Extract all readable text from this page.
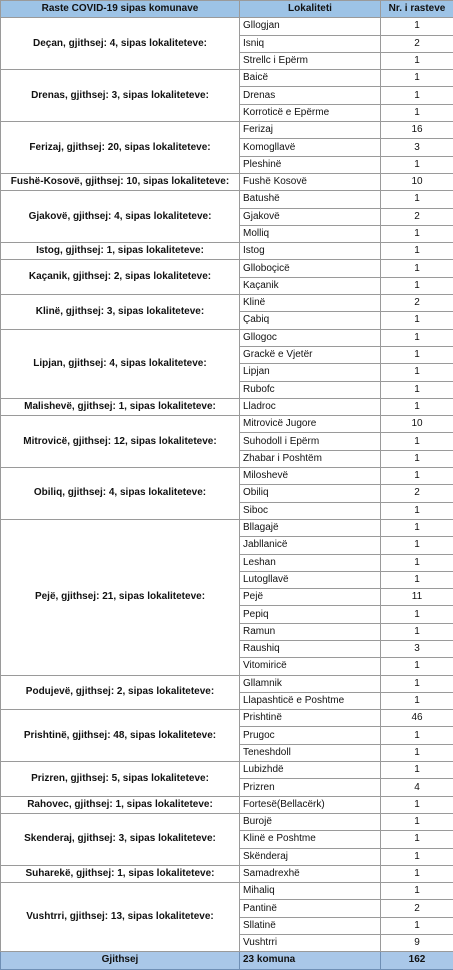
Raste COVID-19 sipas komunave	Lokaliteti	Nr. i rasteve
Deçan, gjithsej: 4, sipas lokaliteteve:	Gllogjan	1
	Isniq	2
	Strellc i Epërm	1
Drenas, gjithsej: 3, sipas lokaliteteve:	Baicë	1
	Drenas	1
	Korroticë e Epërme	1
Ferizaj, gjithsej: 20, sipas lokaliteteve:	Ferizaj	16
	Komogllavë	3
	Pleshinë	1
Fushë-Kosovë, gjithsej: 10, sipas lokaliteteve:	Fushë Kosovë	10
Gjakovë, gjithsej: 4, sipas lokaliteteve:	Batushë	1
	Gjakovë	2
	Molliq	1
Istog, gjithsej: 1, sipas lokaliteteve:	Istog	1
Kaçanik, gjithsej: 2, sipas lokaliteteve:	Glloboçicë	1
	Kaçanik	1
Klinë, gjithsej: 3, sipas lokaliteteve:	Klinë	2
	Çabiq	1
Lipjan, gjithsej: 4, sipas lokaliteteve:	Gllogoc	1
	Grackë e Vjetër	1
	Lipjan	1
	Rubofc	1
Malishevë, gjithsej: 1, sipas lokaliteteve:	Lladroc	1
Mitrovicë, gjithsej: 12, sipas lokaliteteve:	Mitrovicë Jugore	10
	Suhodoll i Epërm	1
	Zhabar i Poshtëm	1
Obiliq, gjithsej: 4, sipas lokaliteteve:	Miloshevë	1
	Obiliq	2
	Siboc	1
Pejë, gjithsej: 21, sipas lokaliteteve:	Bllagajë	1
	Jabllanicë	1
	Leshan	1
	Lutogllavë	1
	Pejë	11
	Pepiq	1
	Ramun	1
	Raushiq	3
	Vitomiricë	1
Podujevë, gjithsej: 2, sipas lokaliteteve:	Gllamnik	1
	Llapashticë e Poshtme	1
Prishtinë, gjithsej: 48, sipas lokaliteteve:	Prishtinë	46
	Prugoc	1
	Teneshdoll	1
Prizren, gjithsej: 5, sipas lokaliteteve:	Lubizhdë	1
	Prizren	4
Rahovec, gjithsej: 1, sipas lokaliteteve:	Fortesë(Bellacërk)	1
Skenderaj, gjithsej: 3, sipas lokaliteteve:	Burojë	1
	Klinë e Poshtme	1
	Skënderaj	1
Suharekë, gjithsej: 1, sipas lokaliteteve:	Samadrexhë	1
Vushtrri, gjithsej: 13, sipas lokaliteteve:	Mihaliq	1
	Pantinë	2
	Sllatinë	1
	Vushtrri	9
Gjithsej	23 komuna	162
